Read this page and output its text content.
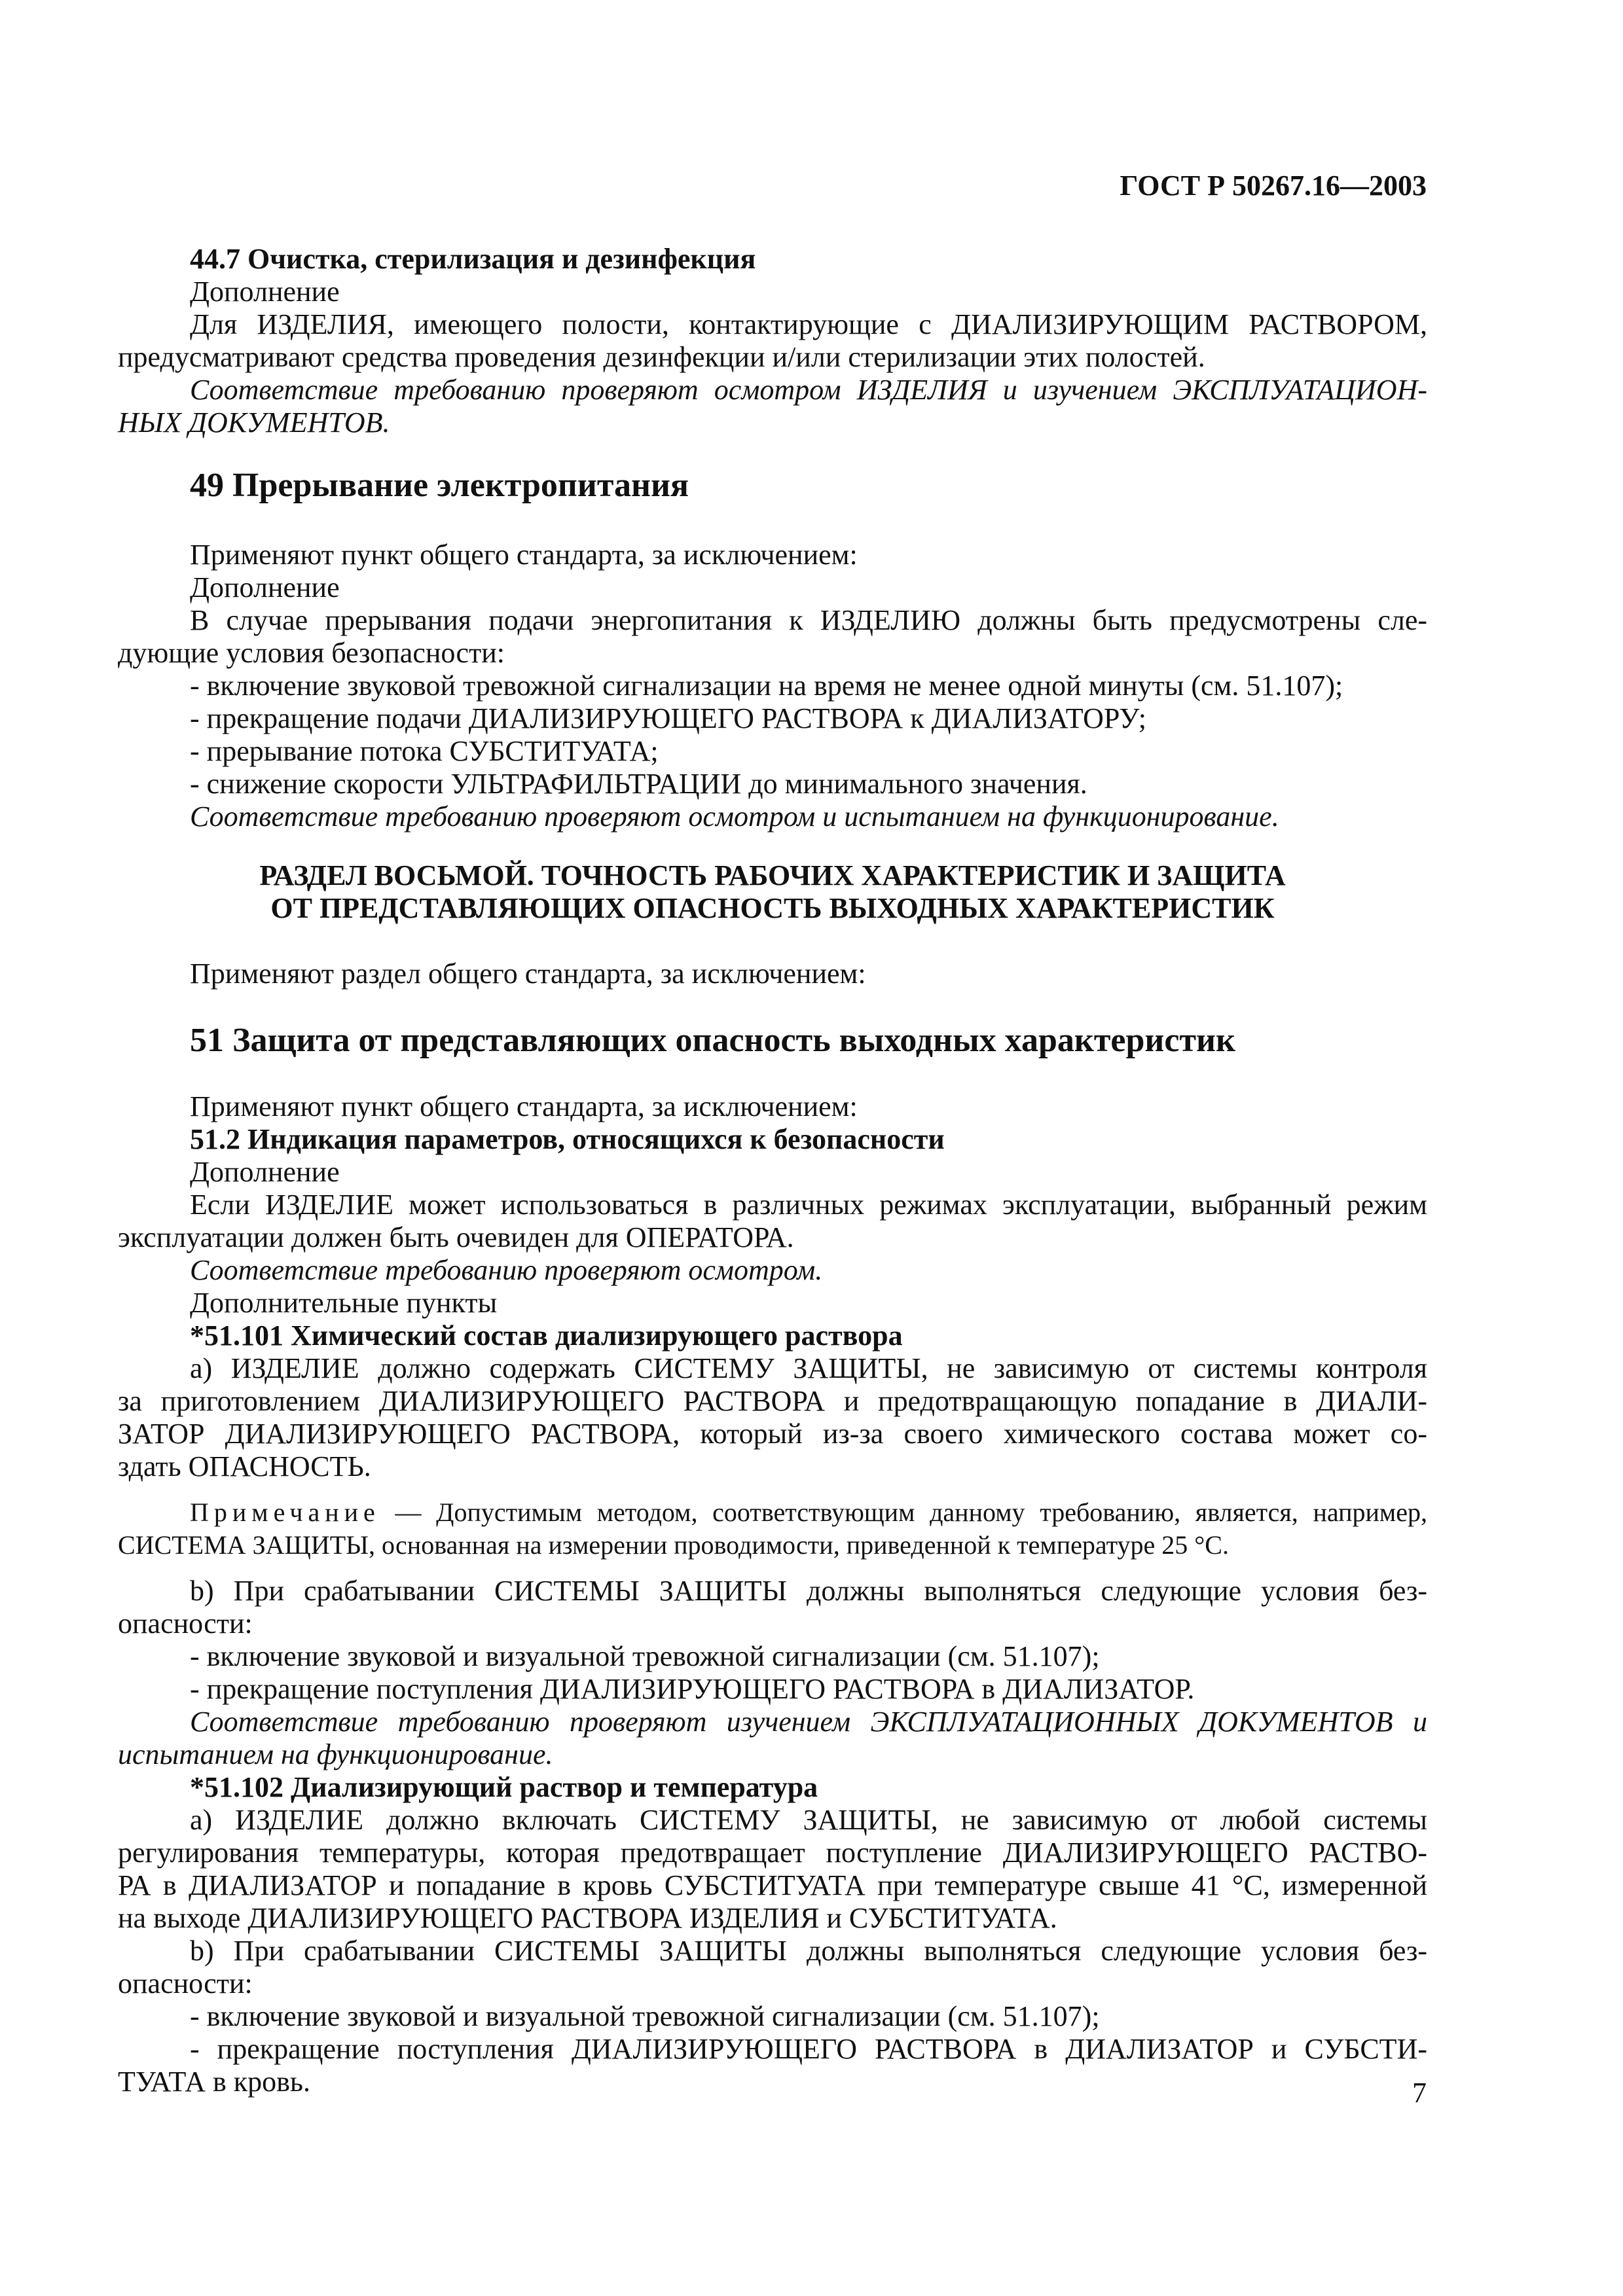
ГОСТ Р 50267.16—2003
44.7 Очистка, стерилизация и дезинфекция
Дополнение
Для ИЗДЕЛИЯ, имеющего полости, контактирующие с ДИАЛИЗИРУЮЩИМ РАСТВОРОМ,
предусматривают средства проведения дезинфекции и/или стерилизации этих полостей.
Соответствие требованию проверяют осмотром ИЗДЕЛИЯ и изучением ЭКСПЛУАТАЦИОН-
НЫХ ДОКУМЕНТОВ.
49 Прерывание электропитания
Применяют пункт общего стандарта, за исключением:
Дополнение
В случае прерывания подачи энергопитания к ИЗДЕЛИЮ должны быть предусмотрены сле-
дующие условия безопасности:
- включение звуковой тревожной сигнализации на время не менее одной минуты (см. 51.107);
- прекращение подачи ДИАЛИЗИРУЮЩЕГО РАСТВОРА к ДИАЛИЗАТОРУ;
- прерывание потока СУБСТИТУАТА;
- снижение скорости УЛЬТРАФИЛЬТРАЦИИ до минимального значения.
Соответствие требованию проверяют осмотром и испытанием на функционирование.
РАЗДЕЛ ВОСЬМОЙ. ТОЧНОСТЬ РАБОЧИХ ХАРАКТЕРИСТИК И ЗАЩИТА
ОТ ПРЕДСТАВЛЯЮЩИХ ОПАСНОСТЬ ВЫХОДНЫХ ХАРАКТЕРИСТИК
Применяют раздел общего стандарта, за исключением:
51 Защита от представляющих опасность выходных характеристик
Применяют пункт общего стандарта, за исключением:
51.2 Индикация параметров, относящихся к безопасности
Дополнение
Если ИЗДЕЛИЕ может использоваться в различных режимах эксплуатации, выбранный режим
эксплуатации должен быть очевиден для ОПЕРАТОРА.
Соответствие требованию проверяют осмотром.
Дополнительные пункты
*51.101 Химический состав диализирующего раствора
а) ИЗДЕЛИЕ должно содержать СИСТЕМУ ЗАЩИТЫ, не зависимую от системы контроля
за приготовлением ДИАЛИЗИРУЮЩЕГО РАСТВОРА и предотвращающую попадание в ДИАЛИ-
ЗАТОР ДИАЛИЗИРУЮЩЕГО РАСТВОРА, который из-за своего химического состава может со-
здать ОПАСНОСТЬ.
Примечание — Допустимым методом, соответствующим данному требованию, является, например,
СИСТЕМА ЗАЩИТЫ, основанная на измерении проводимости, приведенной к температуре 25 °С.
b) При срабатывании СИСТЕМЫ ЗАЩИТЫ должны выполняться следующие условия без-
опасности:
- включение звуковой и визуальной тревожной сигнализации (см. 51.107);
- прекращение поступления ДИАЛИЗИРУЮЩЕГО РАСТВОРА в ДИАЛИЗАТОР.
Соответствие требованию проверяют изучением ЭКСПЛУАТАЦИОННЫХ ДОКУМЕНТОВ и
испытанием на функционирование.
*51.102 Диализирующий раствор и температура
а) ИЗДЕЛИЕ должно включать СИСТЕМУ ЗАЩИТЫ, не зависимую от любой системы
регулирования температуры, которая предотвращает поступление ДИАЛИЗИРУЮЩЕГО РАСТВО-
РА в ДИАЛИЗАТОР и попадание в кровь СУБСТИТУАТА при температуре свыше 41 °С, измеренной
на выходе ДИАЛИЗИРУЮЩЕГО РАСТВОРА ИЗДЕЛИЯ и СУБСТИТУАТА.
b) При срабатывании СИСТЕМЫ ЗАЩИТЫ должны выполняться следующие условия без-
опасности:
- включение звуковой и визуальной тревожной сигнализации (см. 51.107);
- прекращение поступления ДИАЛИЗИРУЮЩЕГО РАСТВОРА в ДИАЛИЗАТОР и СУБСТИ-
ТУАТА в кровь.	7
